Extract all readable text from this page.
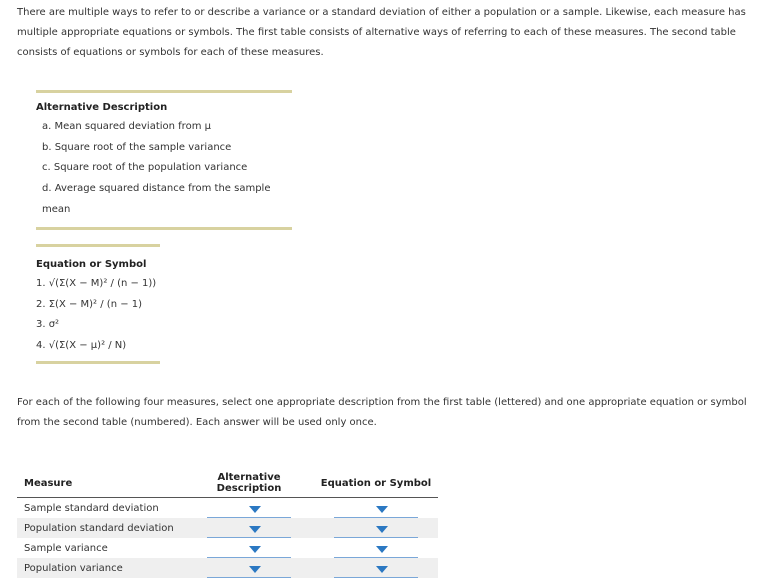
There are multiple ways to refer to or describe a variance or a standard deviation of either a population or a sample. Likewise, each measure has multiple appropriate equations or symbols. The first table consists of alternative ways of referring to each of these measures. The second table consists of equations or symbols for each of these measures.

Alternative Description
a. Mean squared deviation from μ
b. Square root of the sample variance
c. Square root of the population variance
d. Average squared distance from the sample mean
Equation or Symbol
1. √(Σ(X − M)² / (n − 1))
2. Σ(X − M)² / (n − 1)
3. σ²
4. √(Σ(X − μ)² / N)

For each of the following four measures, select one appropriate description from the first table (lettered) and one appropriate equation or symbol from the second table (numbered). Each answer will be used only once.

Measure	Alternative Description	Equation or Symbol
Sample standard deviation	

Population standard deviation	

Sample variance	

Population variance	
